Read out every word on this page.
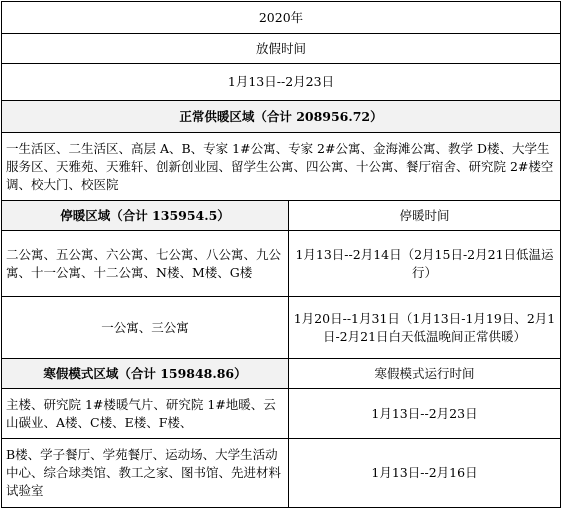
2020年	
放假时间	
1月13日--2月23日	
正常供暖区域（合计 208956.72）	
一生活区、二生活区、高层 A、B、专家 1#公寓、专家 2#公寓、金海滩公寓、教学 D楼、大学生服务区、天雅苑、天雅轩、创新创业园、留学生公寓、四公寓、十公寓、餐厅宿舍、研究院 2#楼空调、校大门、校医院	
停暖区域（合计 135954.5）	停暖时间
二公寓、五公寓、六公寓、七公寓、八公寓、九公寓、十一公寓、十二公寓、N楼、M楼、G楼	1月13日--2月14日（2月15日-2月21日低温运行）
一公寓、三公寓	1月20日--1月31日（1月13日-1月19日、2月1日-2月21日白天低温晚间正常供暖）
寒假模式区域（合计 159848.86）	寒假模式运行时间
主楼、研究院 1#楼暖气片、研究院 1#地暖、云山碳业、A楼、C楼、E楼、F楼、	1月13日--2月23日
B楼、学子餐厅、学苑餐厅、运动场、大学生活动中心、综合球类馆、教工之家、图书馆、先进材料试验室	1月13日--2月16日
